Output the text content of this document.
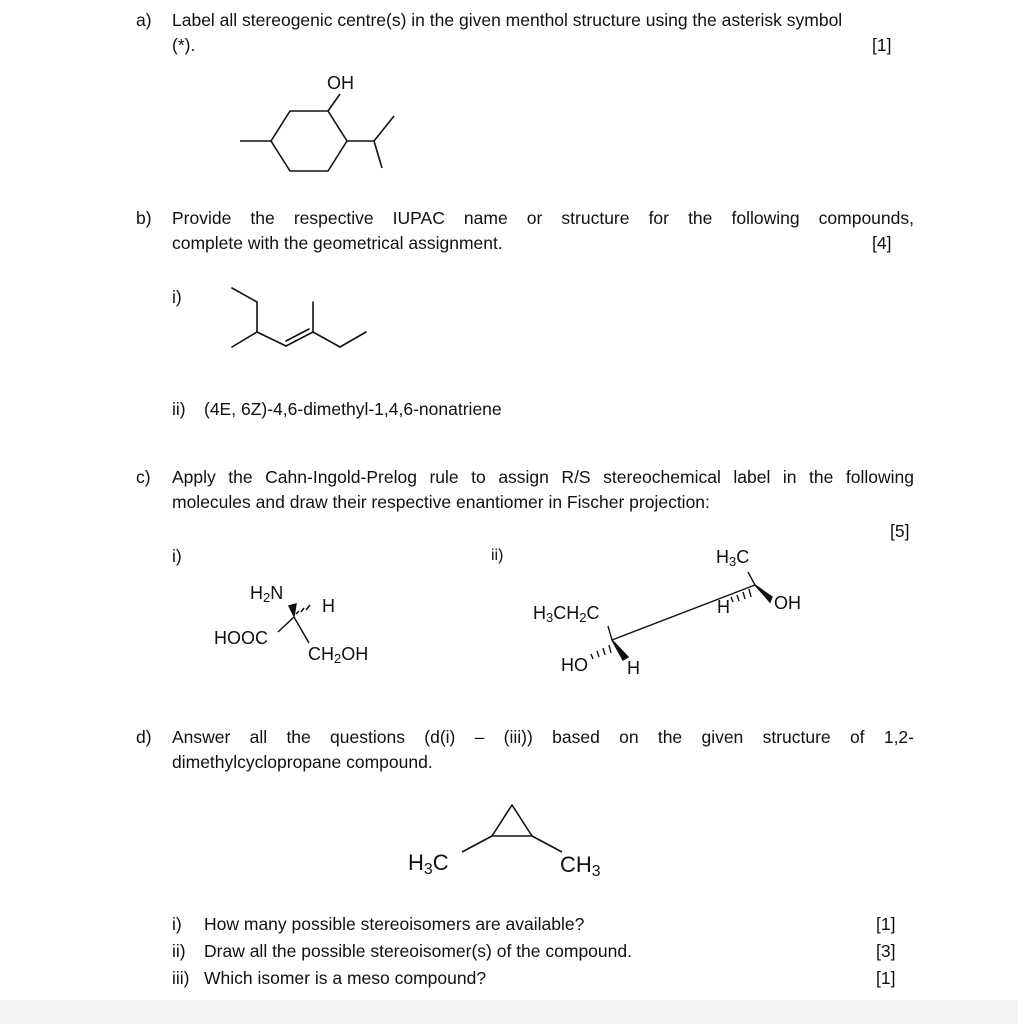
a) Label all stereogenic centre(s) in the given menthol structure using the asterisk symbol
(*).	[1]
OH
b) Provide the respective IUPAC name or structure for the following compounds,
complete with the geometrical assignment.	[4]
i)
ii) (4E, 6Z)-4,6-dimethyl-1,4,6-nonatriene
c) Apply the Cahn-Ingold-Prelog rule to assign R/S stereochemical label in the following
molecules and draw their respective enantiomer in Fischer projection:
[5]
i)	ii)
$H_2N$
H
HOOC
$CH_2OH$
$H_3C$
H OH
$H_3CH_2C$
HO H
d) Answer all the questions (d(i) – (iii)) based on the given structure of 1,2-
dimethylcyclopropane compound.
$H_3C$	$CH_3$
i) How many possible stereoisomers are available?	[1]
ii) Draw all the possible stereoisomer(s) of the compound.	[3]
iii) Which isomer is a meso compound?	[1]
